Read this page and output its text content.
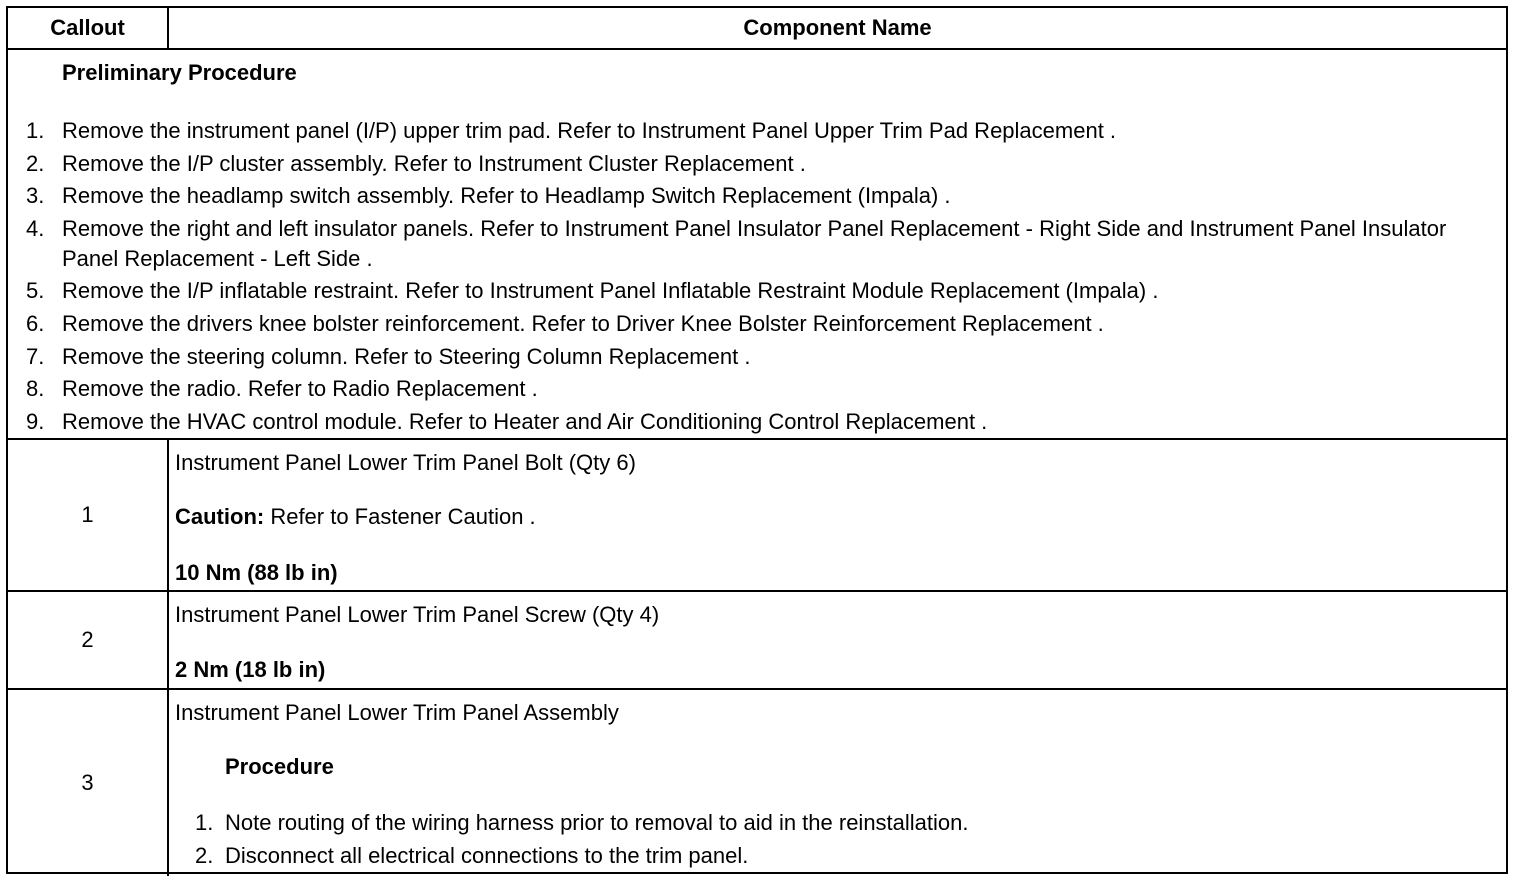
Callout	Component Name
Preliminary Procedure
1. Remove the instrument panel (I/P) upper trim pad. Refer to Instrument Panel Upper Trim Pad Replacement .
2. Remove the I/P cluster assembly. Refer to Instrument Cluster Replacement .
3. Remove the headlamp switch assembly. Refer to Headlamp Switch Replacement (Impala) .
4. Remove the right and left insulator panels. Refer to Instrument Panel Insulator Panel Replacement - Right Side and Instrument Panel Insulator Panel Replacement - Left Side .
5. Remove the I/P inflatable restraint. Refer to Instrument Panel Inflatable Restraint Module Replacement (Impala) .
6. Remove the drivers knee bolster reinforcement. Refer to Driver Knee Bolster Reinforcement Replacement .
7. Remove the steering column. Refer to Steering Column Replacement .
8. Remove the radio. Refer to Radio Replacement .
9. Remove the HVAC control module. Refer to Heater and Air Conditioning Control Replacement .
1
Instrument Panel Lower Trim Panel Bolt (Qty 6)
Caution: Refer to Fastener Caution .
10 Nm (88 lb in)
2
Instrument Panel Lower Trim Panel Screw (Qty 4)
2 Nm (18 lb in)
3
Instrument Panel Lower Trim Panel Assembly
Procedure
1. Note routing of the wiring harness prior to removal to aid in the reinstallation.
2. Disconnect all electrical connections to the trim panel.
